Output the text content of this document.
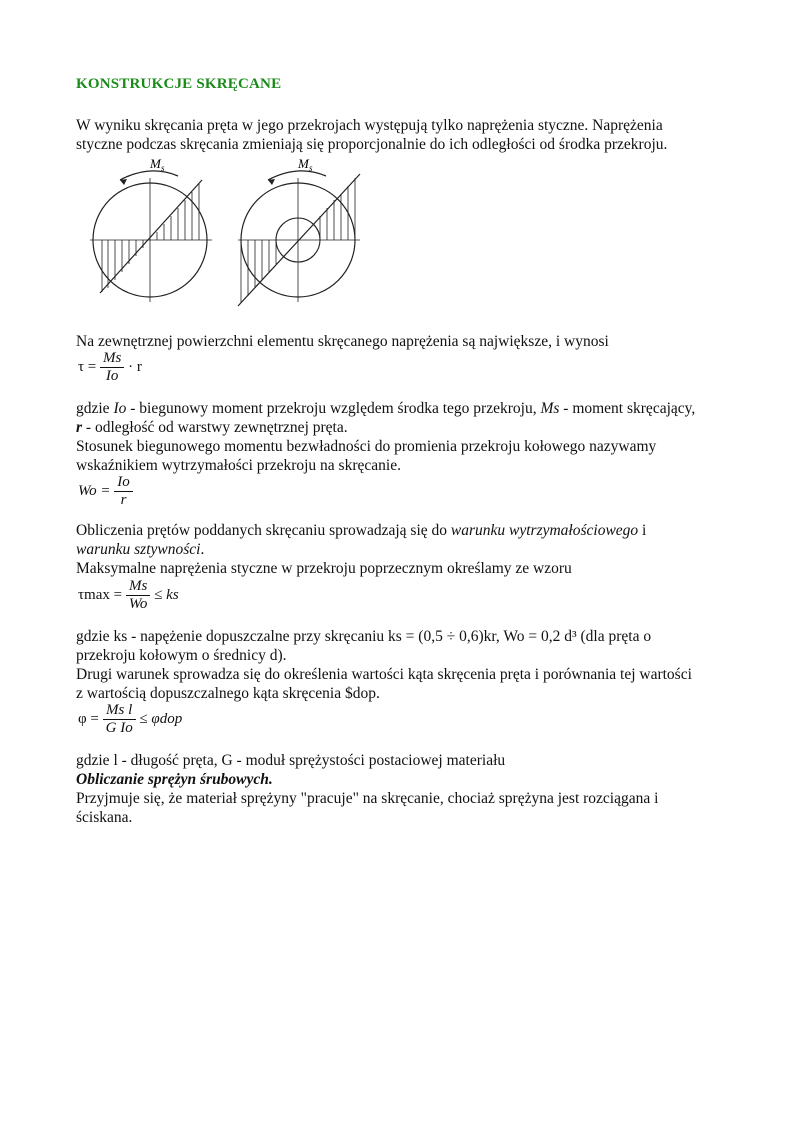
KONSTRUKCJE SKRĘCANE
W wyniku skręcania pręta w jego przekrojach występują tylko naprężenia styczne. Naprężenia
styczne podczas skręcania zmieniają się proporcjonalnie do ich odległości od środka przekroju.
M s	M s
Na zewnętrznej powierzchni elementu skręcanego naprężenia są największe, i wynosi
$\tau = \frac{Ms}{Io} \cdot r$
gdzie Io - biegunowy moment przekroju względem środka tego przekroju, Ms - moment skręcający,
r - odległość od warstwy zewnętrznej pręta.
Stosunek biegunowego momentu bezwładności do promienia przekroju kołowego nazywamy
wskaźnikiem wytrzymałości przekroju na skręcanie.
$Wo = \frac{Io}{r}$
Obliczenia prętów poddanych skręcaniu sprowadzają się do warunku wytrzymałościowego i
warunku sztywności.
Maksymalne naprężenia styczne w przekroju poprzecznym określamy ze wzoru
$\tau\max = \frac{Ms}{Wo}$ ≤ ks
gdzie ks - napężenie dopuszczalne przy skręcaniu ks = (0,5 ÷ 0,6)kr, Wo = 0,2 d³ (dla pręta o
przekroju kołowym o średnicy d).
Drugi warunek sprowadza się do określenia wartości kąta skręcenia pręta i porównania tej wartości
z wartością dopuszczalnego kąta skręcenia $dop.
$\varphi = \frac{\text{Ms l}}{\text{G Io}} \le \varphi dop$
gdzie l - długość pręta, G - moduł sprężystości postaciowej materiału
Obliczanie sprężyn śrubowych.
Przyjmuje się, że materiał sprężyny "pracuje" na skręcanie, chociaż sprężyna jest rozciągana i
ściskana.
